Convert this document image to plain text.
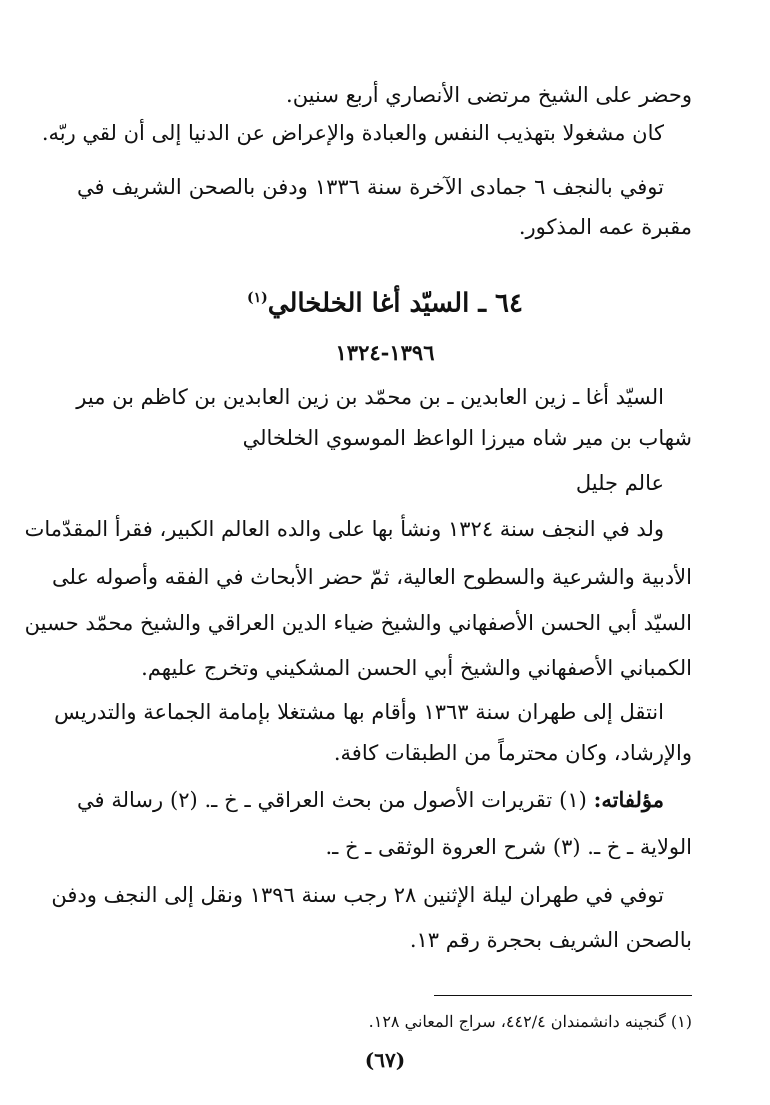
وحضر على الشيخ مرتضى الأنصاري أربع سنين.
كان مشغولا بتهذيب النفس والعبادة والإعراض عن الدنيا إلى أن لقي ربّه.
توفي بالنجف ٦ جمادى الآخرة سنة ١٣٣٦ ودفن بالصحن الشريف في
مقبرة عمه المذكور.
٦٤ ـ السيّد أغا الخلخالي$^{(١)}$
١٣٩٦-١٣٢٤
السيّد أغا ـ زين العابدين ـ بن محمّد بن زين العابدين بن كاظم بن مير
شهاب بن مير شاه ميرزا الواعظ الموسوي الخلخالي
عالم جليل
ولد في النجف سنة ١٣٢٤ ونشأ بها على والده العالم الكبير، فقرأ المقدّمات
الأدبية والشرعية والسطوح العالية، ثمّ حضر الأبحاث في الفقه وأصوله على
السيّد أبي الحسن الأصفهاني والشيخ ضياء الدين العراقي والشيخ محمّد حسين
الكمباني الأصفهاني والشيخ أبي الحسن المشكيني وتخرج عليهم.
انتقل إلى طهران سنة ١٣٦٣ وأقام بها مشتغلا بإمامة الجماعة والتدريس
والإرشاد، وكان محترماً من الطبقات كافة.
مؤلفاته: (١) تقريرات الأصول من بحث العراقي ـ خ ـ. (٢) رسالة في
الولاية ـ خ ـ. (٣) شرح العروة الوثقى ـ خ ـ.
توفي في طهران ليلة الإثنين ٢٨ رجب سنة ١٣٩٦ ونقل إلى النجف ودفن
بالصحن الشريف بحجرة رقم ١٣.
(١) گنجينه دانشمندان ٤٤٢/٤، سراج المعاني ١٢٨.
(٦٧)
